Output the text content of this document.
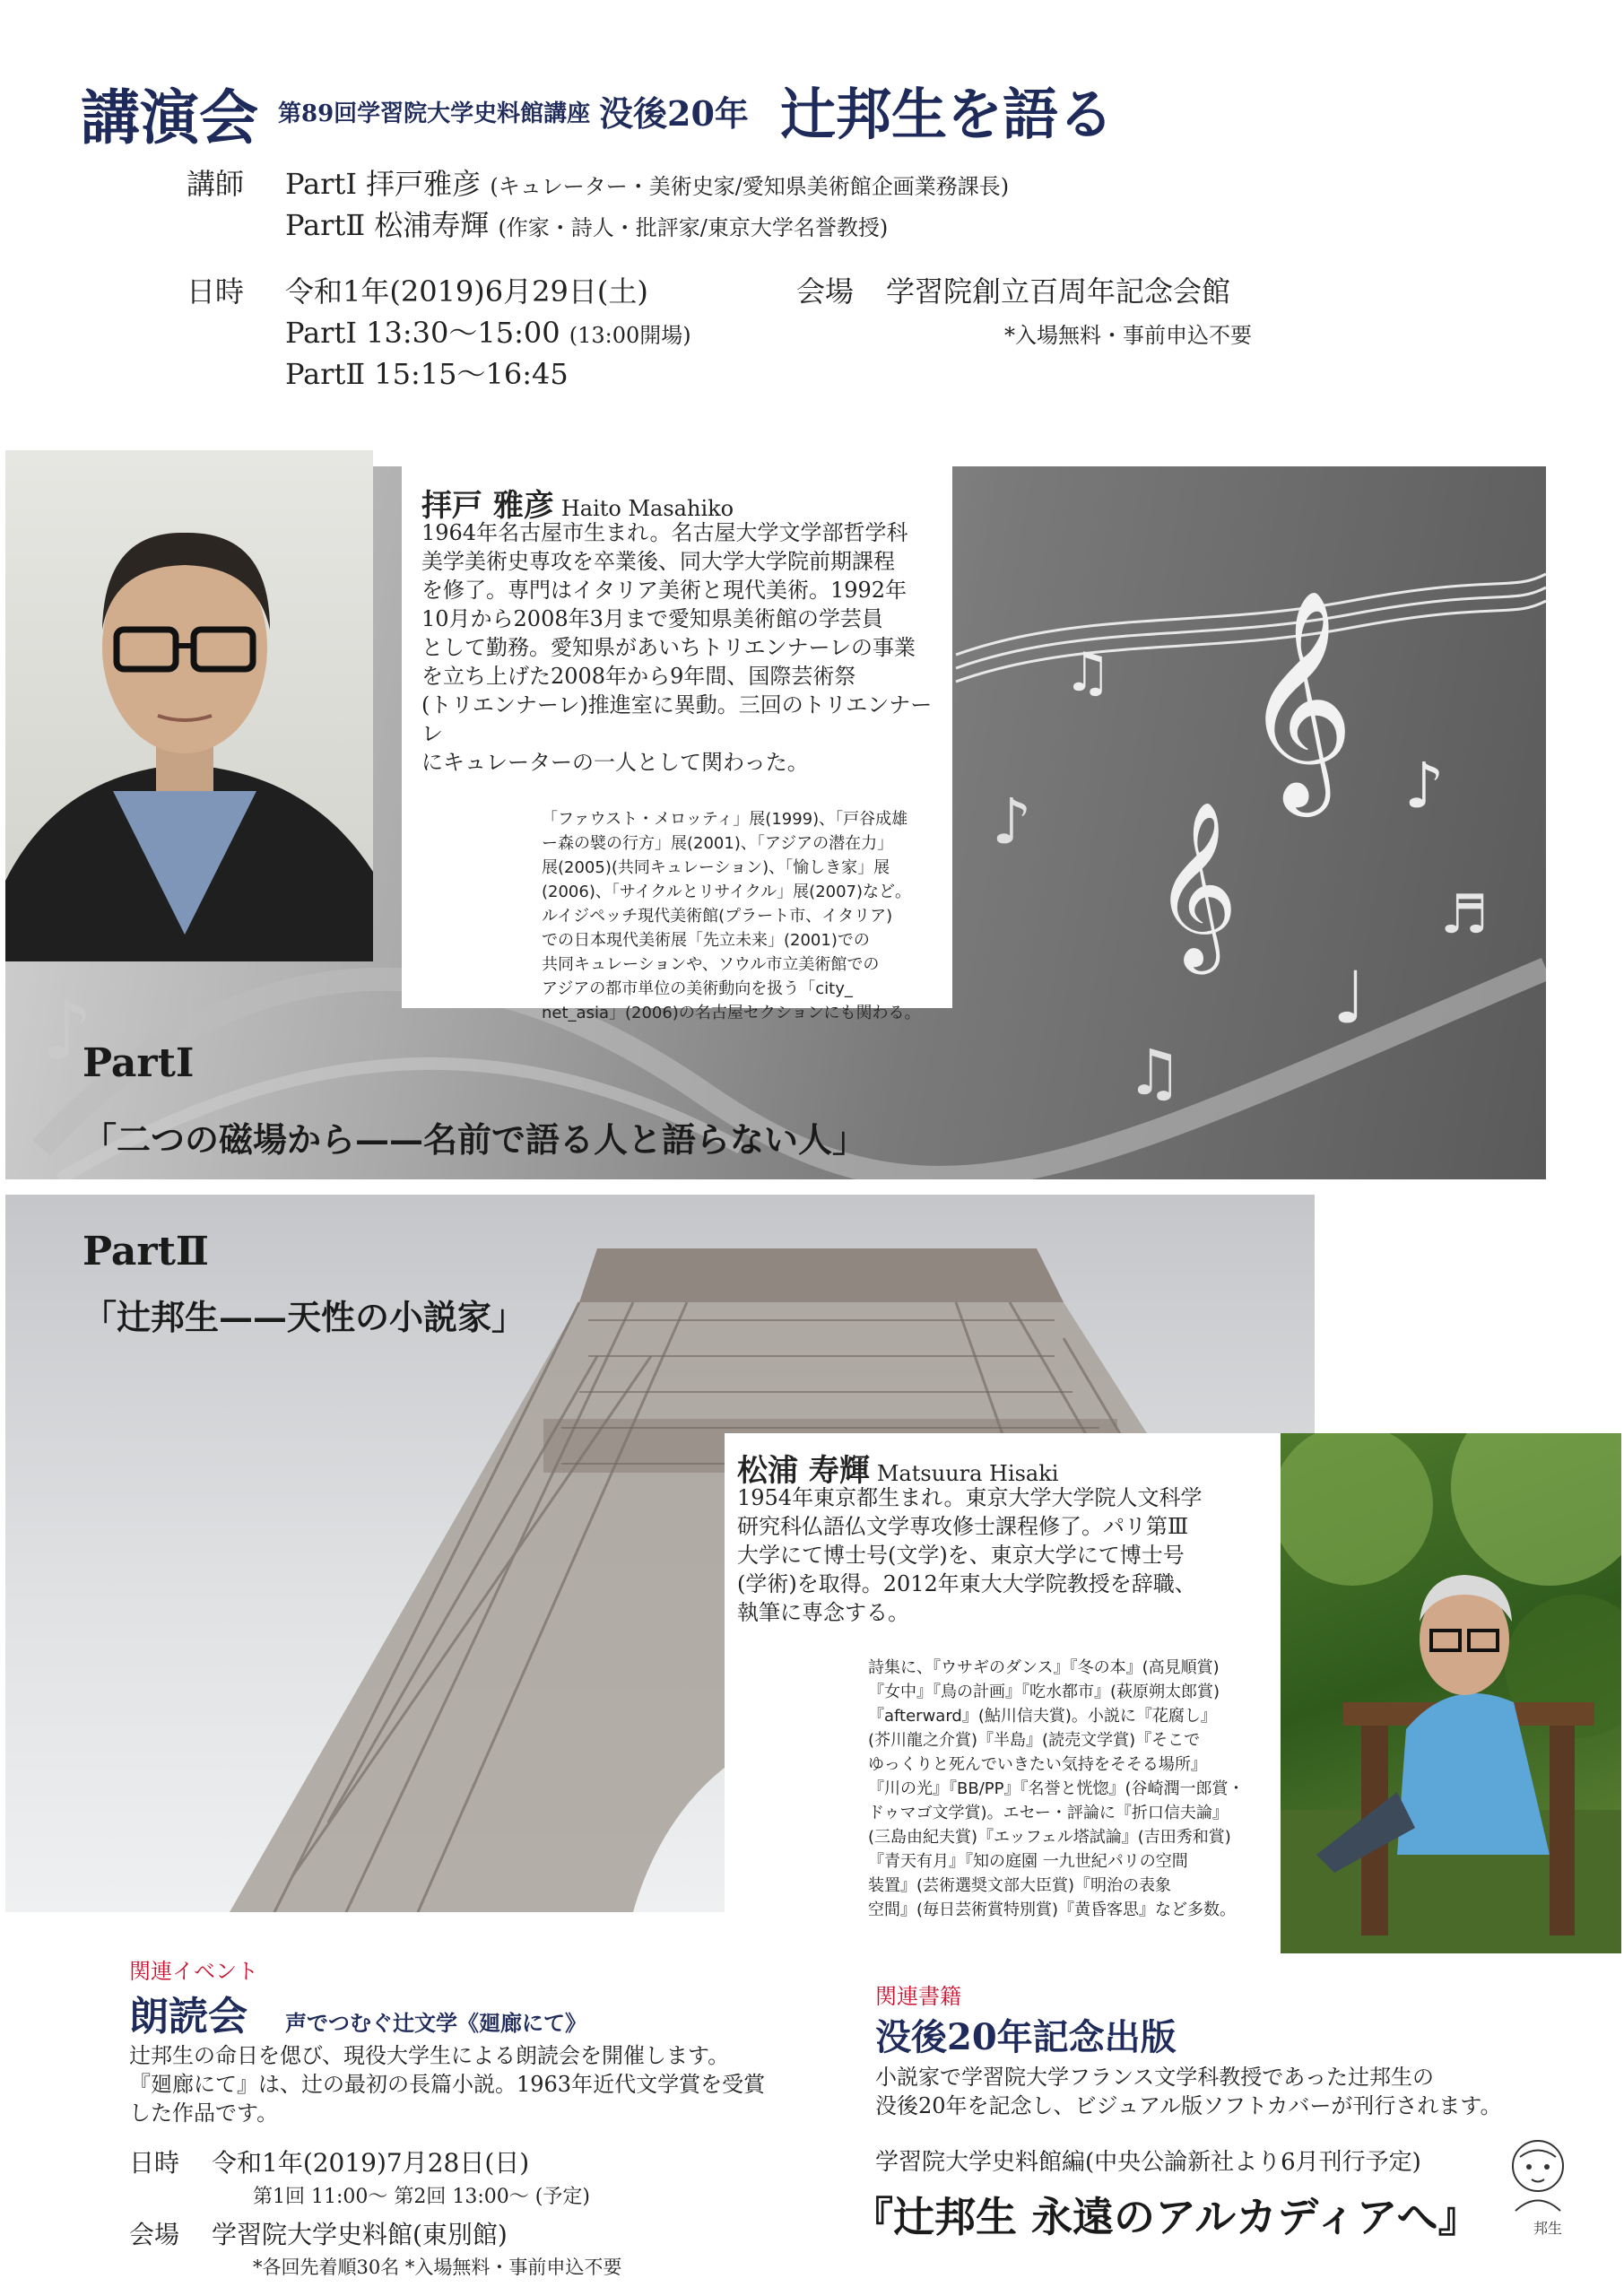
講演会 第89回学習院大学史料館講座 没後20年 辻邦生を語る
講師 PartⅠ 拝戸雅彦 (キュレーター・美術史家/愛知県美術館企画業務課長)
PartⅡ 松浦寿輝 (作家・詩人・批評家/東京大学名誉教授)
日時 令和1年(2019)6月29日(土)
PartⅠ 13:30〜15:00 (13:00開場)
PartⅡ 15:15〜16:45
会場 学習院創立百周年記念会館
*入場無料・事前申込不要
𝄞
𝄞
♪
♫
♩
♬
♪
♫
♪ ♩
拝戸 雅彦 Haito Masahiko
1964年名古屋市生まれ。名古屋大学文学部哲学科
美学美術史専攻を卒業後、同大学大学院前期課程
を修了。専門はイタリア美術と現代美術。1992年
10月から2008年3月まで愛知県美術館の学芸員
として勤務。愛知県があいちトリエンナーレの事業
を立ち上げた2008年から9年間、国際芸術祭
(トリエンナーレ)推進室に異動。三回のトリエンナーレ
にキュレーターの一人として関わった。
「ファウスト・メロッティ」展(1999)、「戸谷成雄
ー森の襞の行方」展(2001)、「アジアの潜在力」
展(2005)(共同キュレーション)、「愉しき家」展
(2006)、「サイクルとリサイクル」展(2007)など。
ルイジペッチ現代美術館(プラート市、イタリア)
での日本現代美術展「先立未来」(2001)での
共同キュレーションや、ソウル市立美術館での
アジアの都市単位の美術動向を扱う「city_
net_asia」(2006)の名古屋セクションにも関わる。
PartⅠ
「二つの磁場から——名前で語る人と語らない人」
PartⅡ
「辻邦生——天性の小説家」
松浦 寿輝 Matsuura Hisaki
1954年東京都生まれ。東京大学大学院人文科学
研究科仏語仏文学専攻修士課程修了。パリ第Ⅲ
大学にて博士号(文学)を、東京大学にて博士号
(学術)を取得。2012年東大大学院教授を辞職、
執筆に専念する。
詩集に、『ウサギのダンス』『冬の本』(高見順賞)
『女中』『鳥の計画』『吃水都市』(萩原朔太郎賞)
『afterward』(鮎川信夫賞)。小説に『花腐し』
(芥川龍之介賞)『半島』(読売文学賞)『そこで
ゆっくりと死んでいきたい気持をそそる場所』
『川の光』『BB/PP』『名誉と恍惚』(谷崎潤一郎賞・
ドゥマゴ文学賞)。エセー・評論に『折口信夫論』
(三島由紀夫賞)『エッフェル塔試論』(吉田秀和賞)
『青天有月』『知の庭園 一九世紀パリの空間
装置』(芸術選奨文部大臣賞)『明治の表象
空間』(毎日芸術賞特別賞)『黄昏客思』など多数。
関連イベント
朗読会 声でつむぐ辻文学《廻廊にて》
辻邦生の命日を偲び、現役大学生による朗読会を開催します。
『廻廊にて』は、辻の最初の長篇小説。1963年近代文学賞を受賞
した作品です。
日時 令和1年(2019)7月28日(日)
第1回 11:00〜 第2回 13:00〜 (予定)
会場 学習院大学史料館(東別館)
*各回先着順30名 *入場無料・事前申込不要
関連書籍
没後20年記念出版
小説家で学習院大学フランス文学科教授であった辻邦生の
没後20年を記念し、ビジュアル版ソフトカバーが刊行されます。
学習院大学史料館編(中央公論新社より6月刊行予定)
『辻邦生 永遠のアルカディアへ』	邦生
